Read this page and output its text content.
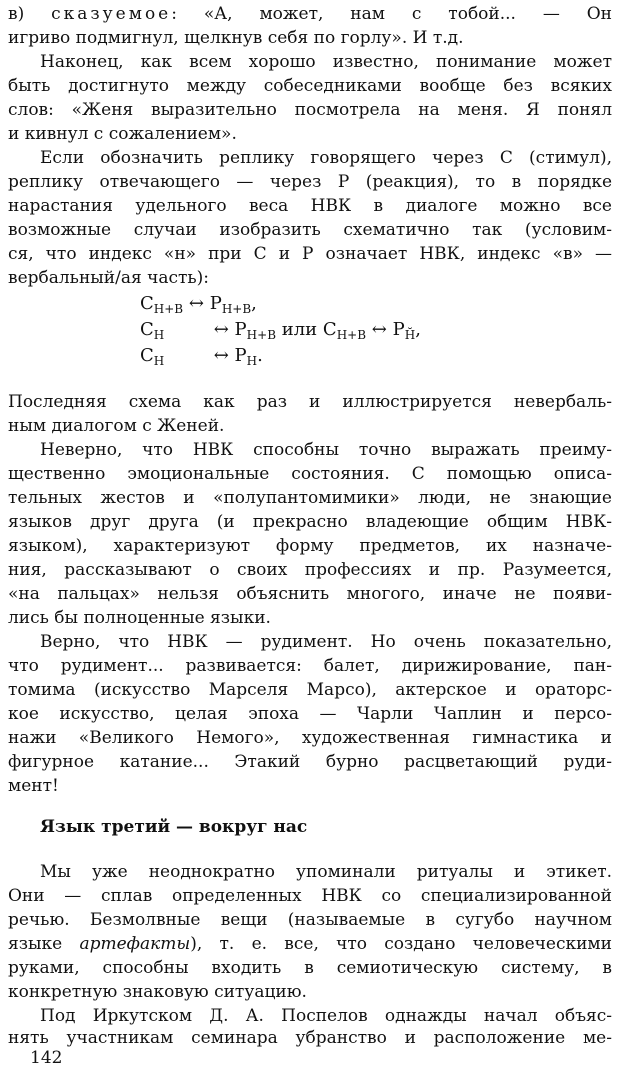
в) сказуемое: «А, может, нам с тобой... — Он
игриво подмигнул, щелкнув себя по горлу». И т.д.
Наконец, как всем хорошо известно, понимание может
быть достигнуто между собеседниками вообще без всяких
слов: «Женя выразительно посмотрела на меня. Я понял
и кивнул с сожалением».
Если обозначить реплику говорящего через С (стимул),
реплику отвечающего — через Р (реакция), то в порядке
нарастания удельного веса НВК в диалоге можно все
возможные случаи изобразить схематично так (условим-
ся, что индекс «н» при С и Р означает НВК, индекс «в» —
вербальный/ая часть):
$С_{Н+В}$ ↔ $Р_{Н+В}$,
$С_Н$	↔ $Р_{Н+В}$ или $С_{Н+В}$ ↔ $Р_{Н̆}$,
$С_Н$	↔ $Р_Н$.
Последняя схема как раз и иллюстрируется невербаль-
ным диалогом с Женей.
Неверно, что НВК способны точно выражать преиму-
щественно эмоциональные состояния. С помощью описа-
тельных жестов и «полупантомимики» люди, не знающие
языков друг друга (и прекрасно владеющие общим НВК-
языком), характеризуют форму предметов, их назначе-
ния, рассказывают о своих профессиях и пр. Разумеется,
«на пальцах» нельзя объяснить многого, иначе не появи-
лись бы полноценные языки.
Верно, что НВК — рудимент. Но очень показательно,
что рудимент... развивается: балет, дирижирование, пан-
томима (искусство Марселя Марсо), актерское и ораторс-
кое искусство, целая эпоха — Чарли Чаплин и персо-
нажи «Великого Немого», художественная гимнастика и
фигурное катание... Этакий бурно расцветающий руди-
мент!
Язык третий — вокруг нас
Мы уже неоднократно упоминали ритуалы и этикет.
Они — сплав определенных НВК со специализированной
речью. Безмолвные вещи (называемые в сугубо научном
языке артефакты), т. е. все, что создано человеческими
руками, способны входить в семиотическую систему, в
конкретную знаковую ситуацию.
Под Иркутском Д. А. Поспелов однажды начал объяс-
нять участникам семинара убранство и расположение ме-
142
